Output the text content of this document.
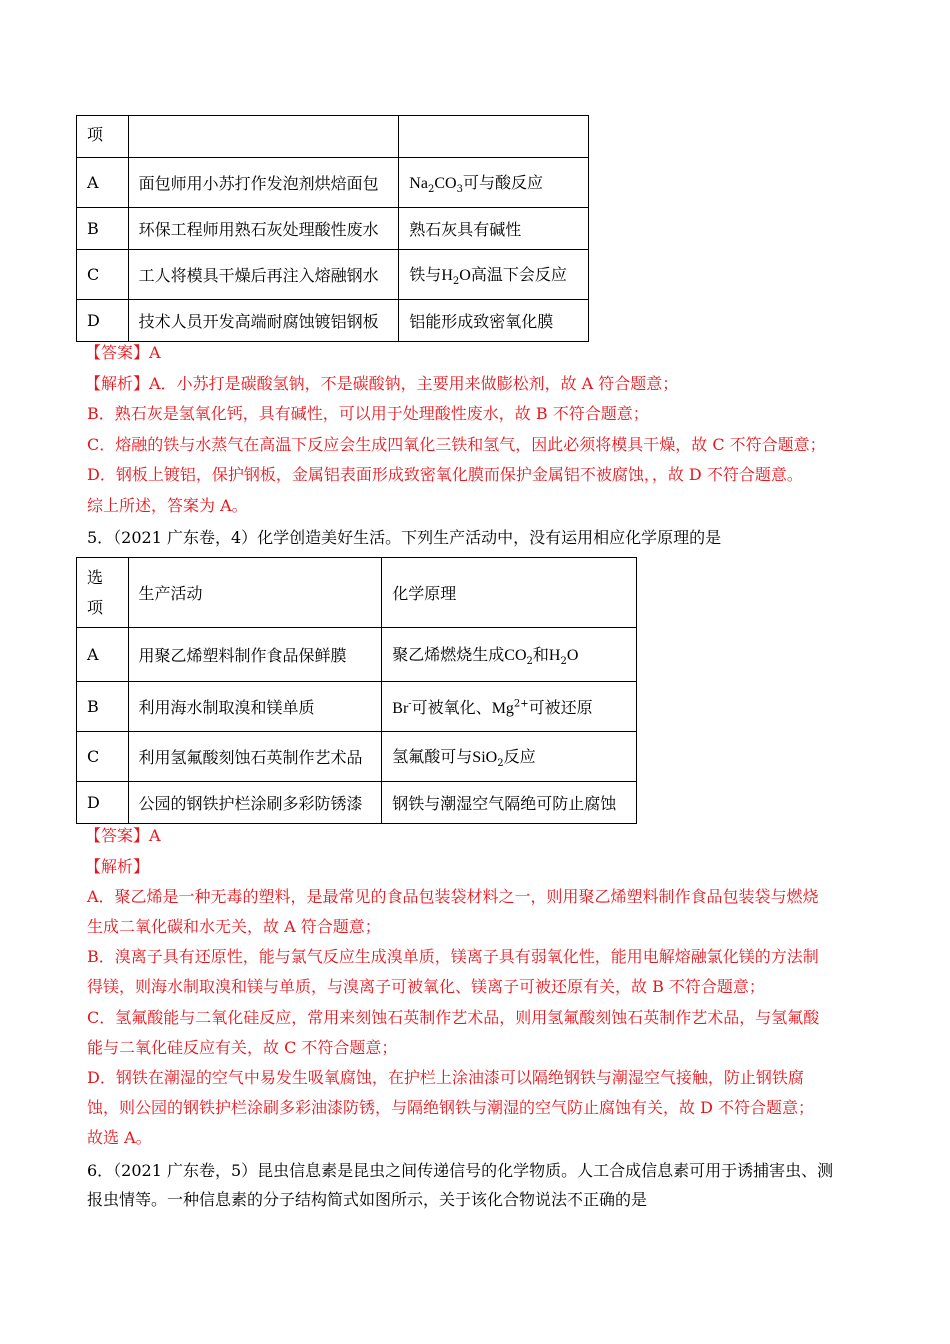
项		
A	面包师用小苏打作发泡剂烘焙面包	$Na_2CO_3$可与酸反应
B	环保工程师用熟石灰处理酸性废水	熟石灰具有碱性
C	工人将模具干燥后再注入熔融钢水	铁与$H_2O$高温下会反应
D	技术人员开发高端耐腐蚀镀铝钢板	铝能形成致密氧化膜
【答案】A
【解析】A．小苏打是碳酸氢钠，不是碳酸钠，主要用来做膨松剂，故 A 符合题意；
B．熟石灰是氢氧化钙，具有碱性，可以用于处理酸性废水，故 B 不符合题意；
C．熔融的铁与水蒸气在高温下反应会生成四氧化三铁和氢气，因此必须将模具干燥，故 C 不符合题意；
D．钢板上镀铝，保护钢板，金属铝表面形成致密氧化膜而保护金属铝不被腐蚀，，故 D 不符合题意。
综上所述，答案为 A。
5．（2021 广东卷，4）化学创造美好生活。下列生产活动中，没有运用相应化学原理的是
选
项	生产活动	化学原理
A	用聚乙烯塑料制作食品保鲜膜	聚乙烯燃烧生成$CO_2$和$H_2O$
B	利用海水制取溴和镁单质	Br-可被氧化、$Mg^{2+}$可被还原
C	利用氢氟酸刻蚀石英制作艺术品	氢氟酸可与SiO$_2$反应
D	公园的钢铁护栏涂刷多彩防锈漆	钢铁与潮湿空气隔绝可防止腐蚀
【答案】A
【解析】
A．聚乙烯是一种无毒的塑料，是最常见的食品包装袋材料之一，则用聚乙烯塑料制作食品包装袋与燃烧
生成二氧化碳和水无关，故 A 符合题意；
B．溴离子具有还原性，能与氯气反应生成溴单质，镁离子具有弱氧化性，能用电解熔融氯化镁的方法制
得镁，则海水制取溴和镁与单质，与溴离子可被氧化、镁离子可被还原有关，故 B 不符合题意；
C．氢氟酸能与二氧化硅反应，常用来刻蚀石英制作艺术品，则用氢氟酸刻蚀石英制作艺术品，与氢氟酸
能与二氧化硅反应有关，故 C 不符合题意；
D．钢铁在潮湿的空气中易发生吸氧腐蚀，在护栏上涂油漆可以隔绝钢铁与潮湿空气接触，防止钢铁腐
蚀，则公园的钢铁护栏涂刷多彩油漆防锈，与隔绝钢铁与潮湿的空气防止腐蚀有关，故 D 不符合题意；
故选 A。
6．（2021 广东卷，5）昆虫信息素是昆虫之间传递信号的化学物质。人工合成信息素可用于诱捕害虫、测
报虫情等。一种信息素的分子结构简式如图所示，关于该化合物说法不正确的是
